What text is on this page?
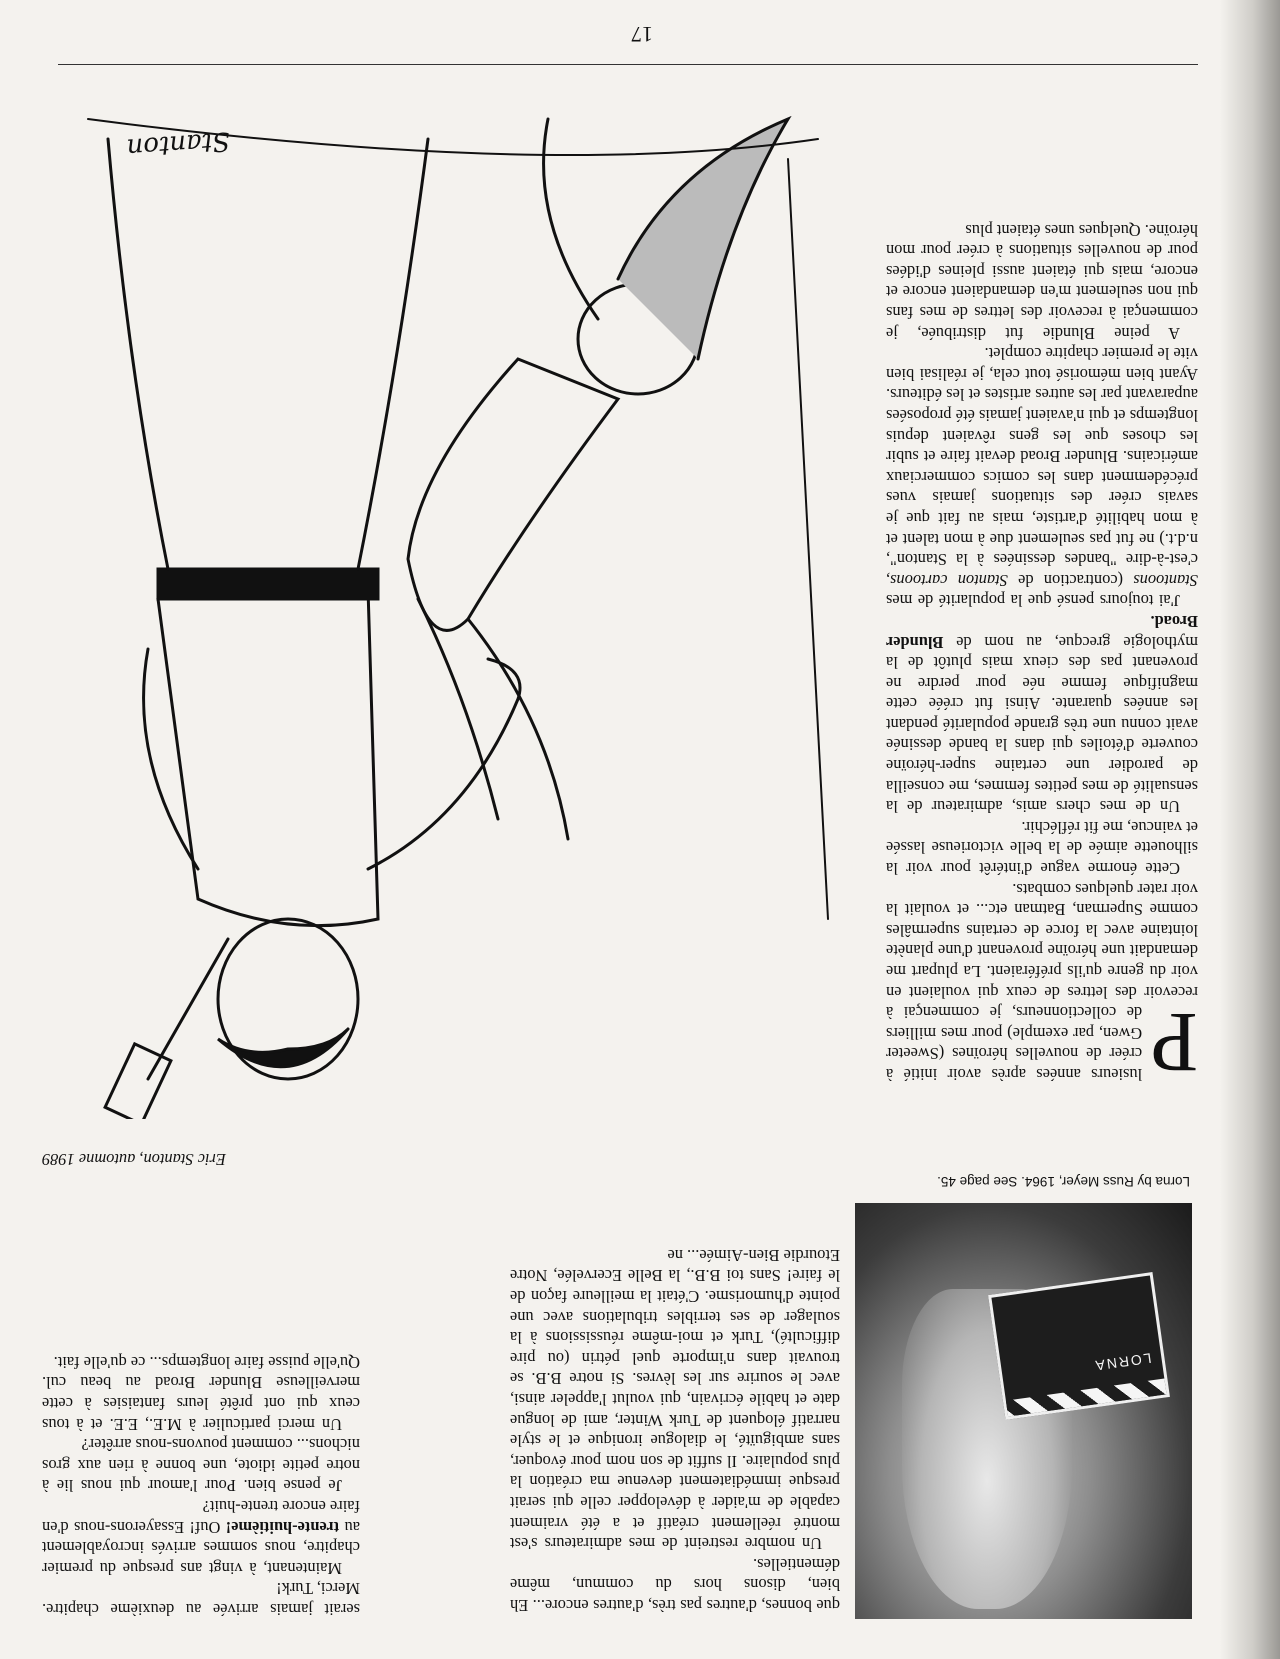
LORNA
Lorna by Russ Meyer, 1964. See page 45.

que bonnes, d'autres pas très, d'autres encore... Eh bien, disons hors du commun, même démentielles.

Un nombre restreint de mes admirateurs s'est montré réellement créatif et a été vraiment capable de m'aider à développer celle qui serait presque immédiatement devenue ma création la plus populaire. Il suffit de son nom pour évoquer, sans ambiguïté, le dialogue ironique et le style narratif éloquent de Turk Winter, ami de longue date et habile écrivain, qui voulut l'appeler ainsi, avec le sourire sur les lèvres. Si notre B.B. se trouvait dans n'importe quel pétrin (ou pire difficulté), Turk et moi-même réussissions à la soulager de ses terribles tribulations avec une pointe d'humorisme. C'était la meilleure façon de le faire! Sans toi B.B., la Belle Ecervelée, Notre Etourdie Bien-Aimée... ne

serait jamais arrivée au deuxième chapitre. Merci, Turk!

Maintenant, à vingt ans presque du premier chapitre, nous sommes arrivés incroyablement au trente-huitième! Ouf! Essayerons-nous d'en faire encore trente-huit?

Je pense bien. Pour l'amour qui nous lie à notre petite idiote, une bonne à rien aux gros nichons... comment pouvons-nous arrêter?

Un merci particulier à M.E., E.E. et à tous ceux qui ont prêté leurs fantaisies à cette merveilleuse Blunder Broad au beau cul. Qu'elle puisse faire longtemps... ce qu'elle fait.

Eric Stanton, automne 1989

P
lusieurs années après avoir initié à créer de nouvelles héroïnes (Sweeter Gwen, par exemple) pour mes milliers de collectionneurs, je commençai à recevoir des lettres de ceux qui voulaient en voir du genre qu'ils préféraient. La plupart me demandait une héroïne provenant d'une planète lointaine avec la force de certains supermâles comme Superman, Batman etc... et voulait la voir rater quelques combats.

Cette énorme vague d'intérêt pour voir la silhouette aimée de la belle victorieuse lassée et vaincue, me fit réfléchir.

Un de mes chers amis, admirateur de la sensualité de mes petites femmes, me conseilla de parodier une certaine super-héroïne couverte d'étoiles qui dans la bande dessinée avait connu une très grande popularité pendant les années quarante. Ainsi fut créée cette magnifique femme née pour perdre ne provenant pas des cieux mais plutôt de la mythologie grecque, au nom de Blunder Broad.

J'ai toujours pensé que la popularité de mes Stantoons (contraction de Stanton cartoons, c'est-à-dire "bandes dessinées à la Stanton", n.d.t.) ne fut pas seulement due à mon talent et à mon habilité d'artiste, mais au fait que je savais créer des situations jamais vues précédemment dans les comics commerciaux américains. Blunder Broad devait faire et subir les choses que les gens rêvaient depuis longtemps et qui n'avaient jamais été proposées auparavant par les autres artistes et les éditeurs. Ayant bien mémorisé tout cela, je réalisai bien vite le premier chapitre complet.

A peine Blundie fut distribuée, je commençai à recevoir des lettres de mes fans qui non seulement m'en demandaient encore et encore, mais qui étaient aussi pleines d'idées pour de nouvelles situations à créer pour mon héroïne. Quelques unes étaient plus

Stanton
17
